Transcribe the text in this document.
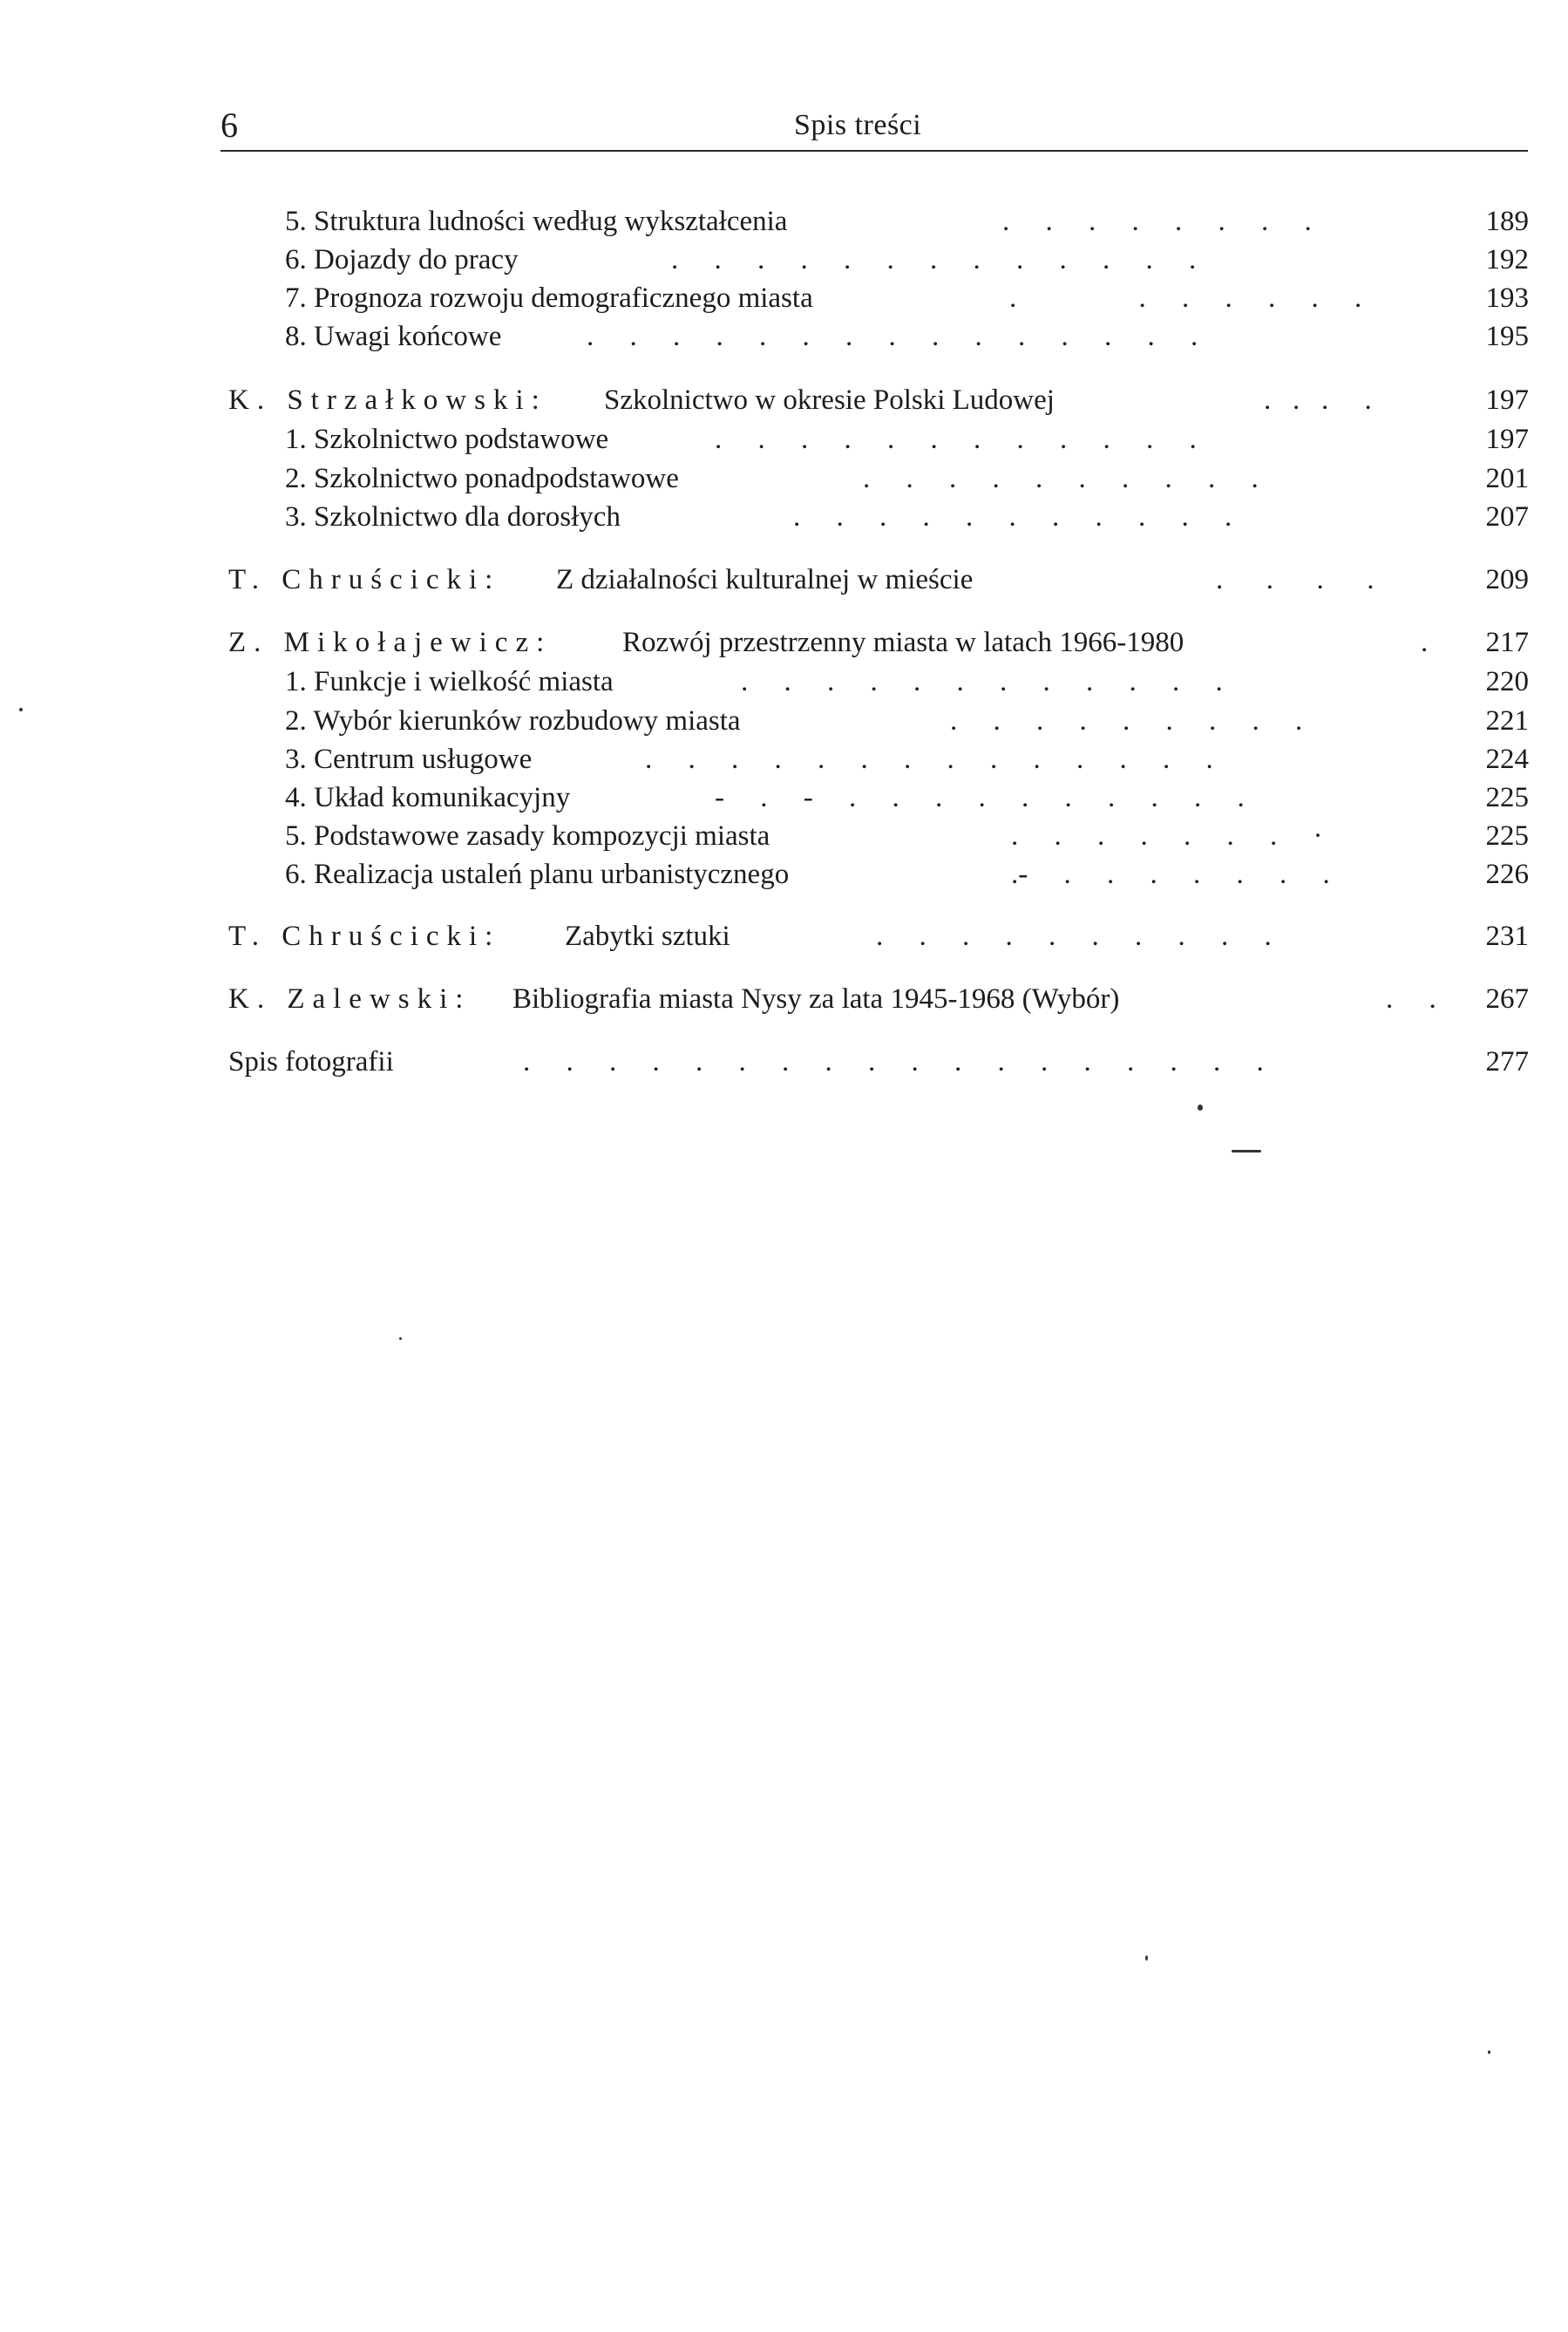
6	Spis treści
5. Struktura ludności według wykształcenia	.     .     .     .     .     .     .     .	189
6. Dojazdy do pracy	.     .     .     .     .     .     .     .     .     .     .     .     .	192
7. Prognoza rozwoju demograficznego miasta	.                 .     .     .     .     .     .	193
8. Uwagi końcowe	.     .     .     .     .     .     .     .     .     .     .     .     .     .     .	195
K. Strzałkowski: Szkolnictwo w okresie Polski Ludowej	.   .   .     .	197
1. Szkolnictwo podstawowe	.     .     .     .     .     .     .     .     .     .     .     .	197
2. Szkolnictwo ponadpodstawowe	.     .     .     .     .     .     .     .     .     .	201
3. Szkolnictwo dla dorosłych	.     .     .     .     .     .     .     .     .     .     .	207
T. Chruścicki: Z działalności kulturalnej w mieście	.      .      .      .	209
Z. Mikołajewicz: Rozwój przestrzenny miasta w latach 1966-1980	.	217
1. Funkcje i wielkość miasta	.     .     .     .     .     .     .     .     .     .     .     .	220
2. Wybór kierunków rozbudowy miasta	.     .     .     .     .     .     .     .     .	221
3. Centrum usługowe	.     .     .     .     .     .     .     .     .     .     .     .     .     .	224
4. Układ komunikacyjny	-     .     -     .     .     .     .     .     .     .     .     .     .	225
5. Podstawowe zasady kompozycji miasta	.     .     .     .     .     .     .     ·	225
6. Realizacja ustaleń planu urbanistycznego	.-     .     .     .     .     .     .     .	226
T. Chruścicki: Zabytki sztuki	.     .     .     .     .     .     .     .     .     .	231
K. Zalewski: Bibliografia miasta Nysy za lata 1945-1968 (Wybór)	.     .	267
Spis fotografii	.     .     .     .     .     .     .     .     .     .     .     .     .     .     .     .     .     .	277
